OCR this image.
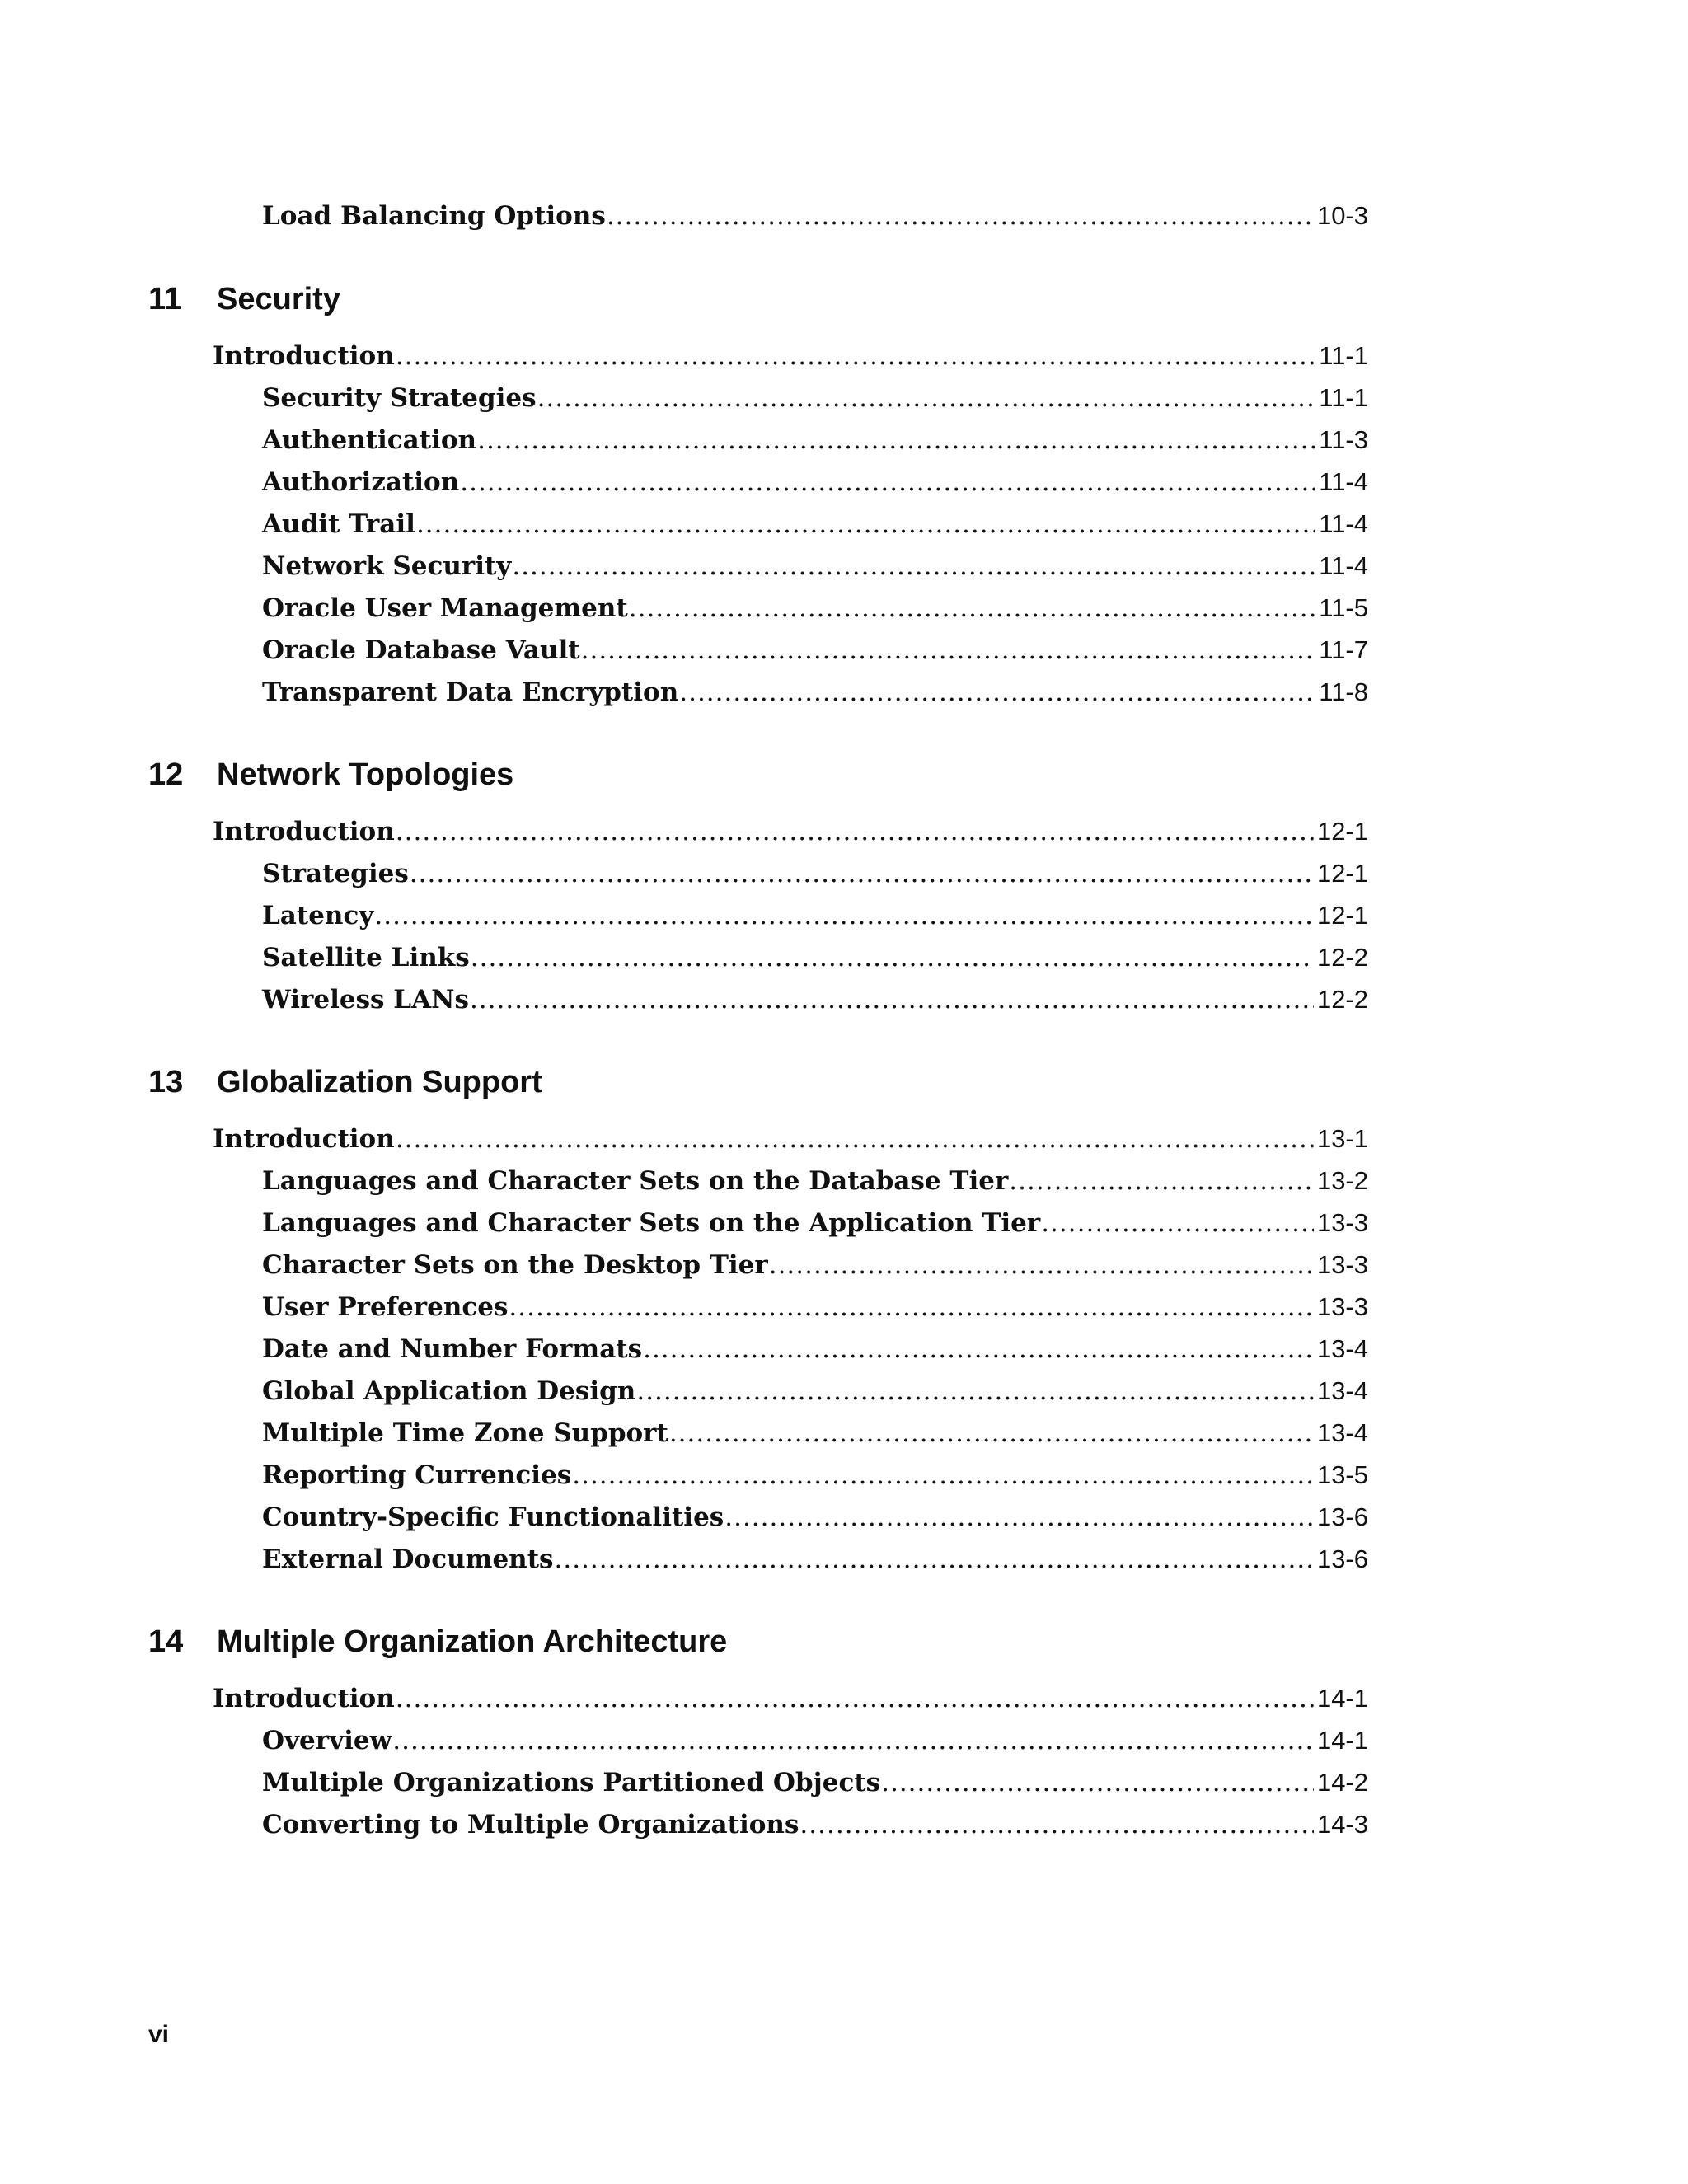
Load Balancing Options .....	10-3
11 Security
Introduction .....	11-1
Security Strategies .....	11-1
Authentication .....	11-3
Authorization .....	11-4
Audit Trail .....	11-4
Network Security .....	11-4
Oracle User Management .....	11-5
Oracle Database Vault .....	11-7
Transparent Data Encryption .....	11-8
12 Network Topologies
Introduction .....	12-1
Strategies .....	12-1
Latency .....	12-1
Satellite Links .....	12-2
Wireless LANs .....	12-2
13 Globalization Support
Introduction .....	13-1
Languages and Character Sets on the Database Tier .....	13-2
Languages and Character Sets on the Application Tier .....	13-3
Character Sets on the Desktop Tier .....	13-3
User Preferences .....	13-3
Date and Number Formats .....	13-4
Global Application Design .....	13-4
Multiple Time Zone Support .....	13-4
Reporting Currencies .....	13-5
Country-Specific Functionalities .....	13-6
External Documents .....	13-6
14 Multiple Organization Architecture
Introduction .....	14-1
Overview .....	14-1
Multiple Organizations Partitioned Objects .....	14-2
Converting to Multiple Organizations .....	14-3
vi
